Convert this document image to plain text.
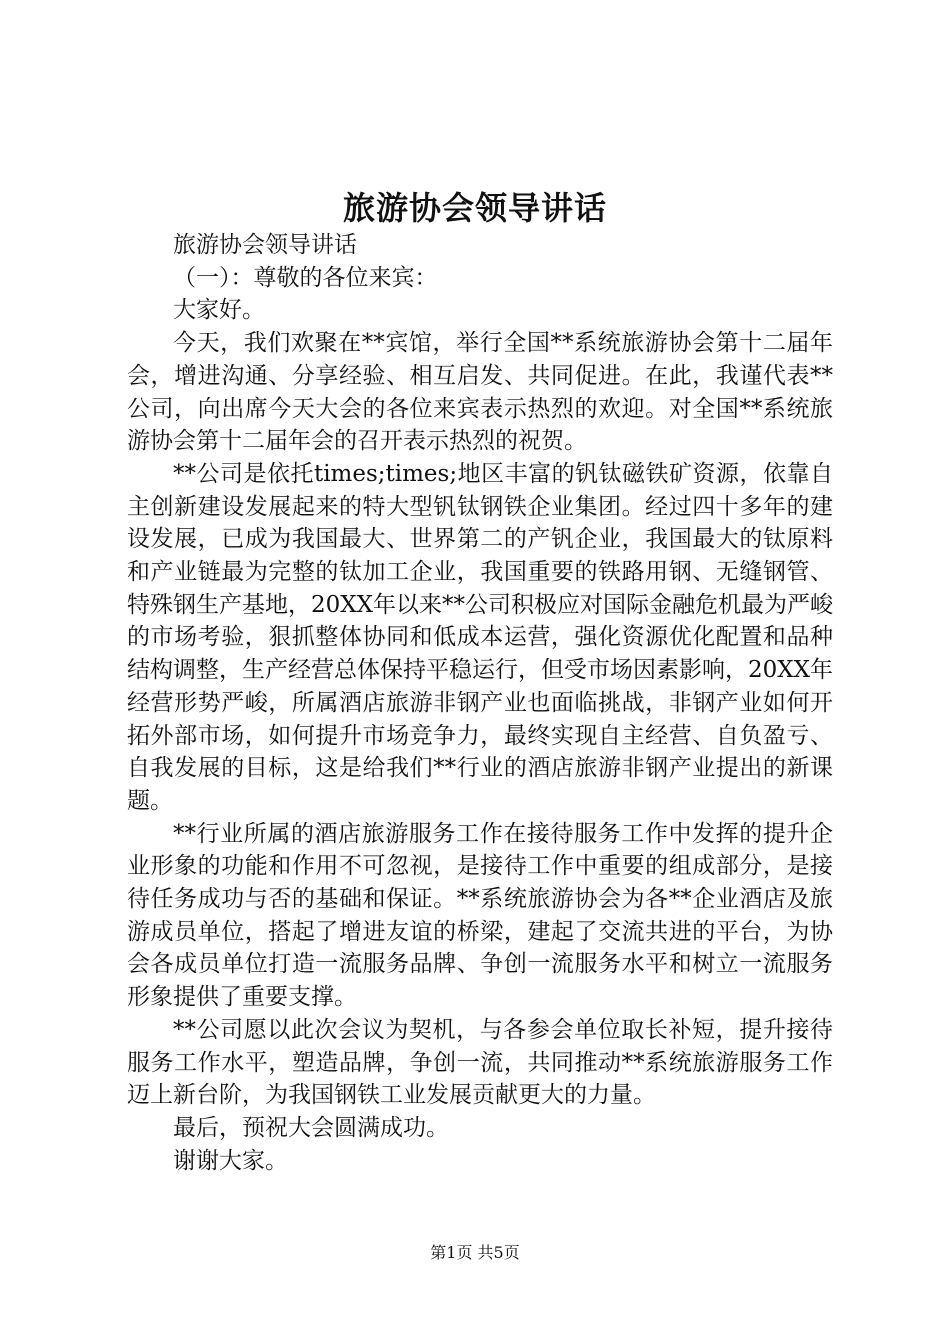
旅游协会领导讲话

旅游协会领导讲话

（一）：尊敬的各位来宾：

大家好。

今天，我们欢聚在**宾馆，举行全国**系统旅游协会第十二届年会，增进沟通、分享经验、相互启发、共同促进。在此，我谨代表**公司，向出席今天大会的各位来宾表示热烈的欢迎。对全国**系统旅游协会第十二届年会的召开表示热烈的祝贺。

**公司是依托times;times;地区丰富的钒钛磁铁矿资源，依靠自主创新建设发展起来的特大型钒钛钢铁企业集团。经过四十多年的建设发展，已成为我国最大、世界第二的产钒企业，我国最大的钛原料和产业链最为完整的钛加工企业，我国重要的铁路用钢、无缝钢管、特殊钢生产基地，20XX年以来**公司积极应对国际金融危机最为严峻的市场考验，狠抓整体协同和低成本运营，强化资源优化配置和品种结构调整，生产经营总体保持平稳运行，但受市场因素影响，20XX年经营形势严峻，所属酒店旅游非钢产业也面临挑战，非钢产业如何开拓外部市场，如何提升市场竞争力，最终实现自主经营、自负盈亏、自我发展的目标，这是给我们**行业的酒店旅游非钢产业提出的新课题。

**行业所属的酒店旅游服务工作在接待服务工作中发挥的提升企业形象的功能和作用不可忽视，是接待工作中重要的组成部分，是接待任务成功与否的基础和保证。**系统旅游协会为各**企业酒店及旅游成员单位，搭起了增进友谊的桥梁，建起了交流共进的平台，为协会各成员单位打造一流服务品牌、争创一流服务水平和树立一流服务形象提供了重要支撑。

**公司愿以此次会议为契机，与各参会单位取长补短，提升接待服务工作水平，塑造品牌，争创一流，共同推动**系统旅游服务工作迈上新台阶，为我国钢铁工业发展贡献更大的力量。

最后，预祝大会圆满成功。

谢谢大家。

第1页 共5页
